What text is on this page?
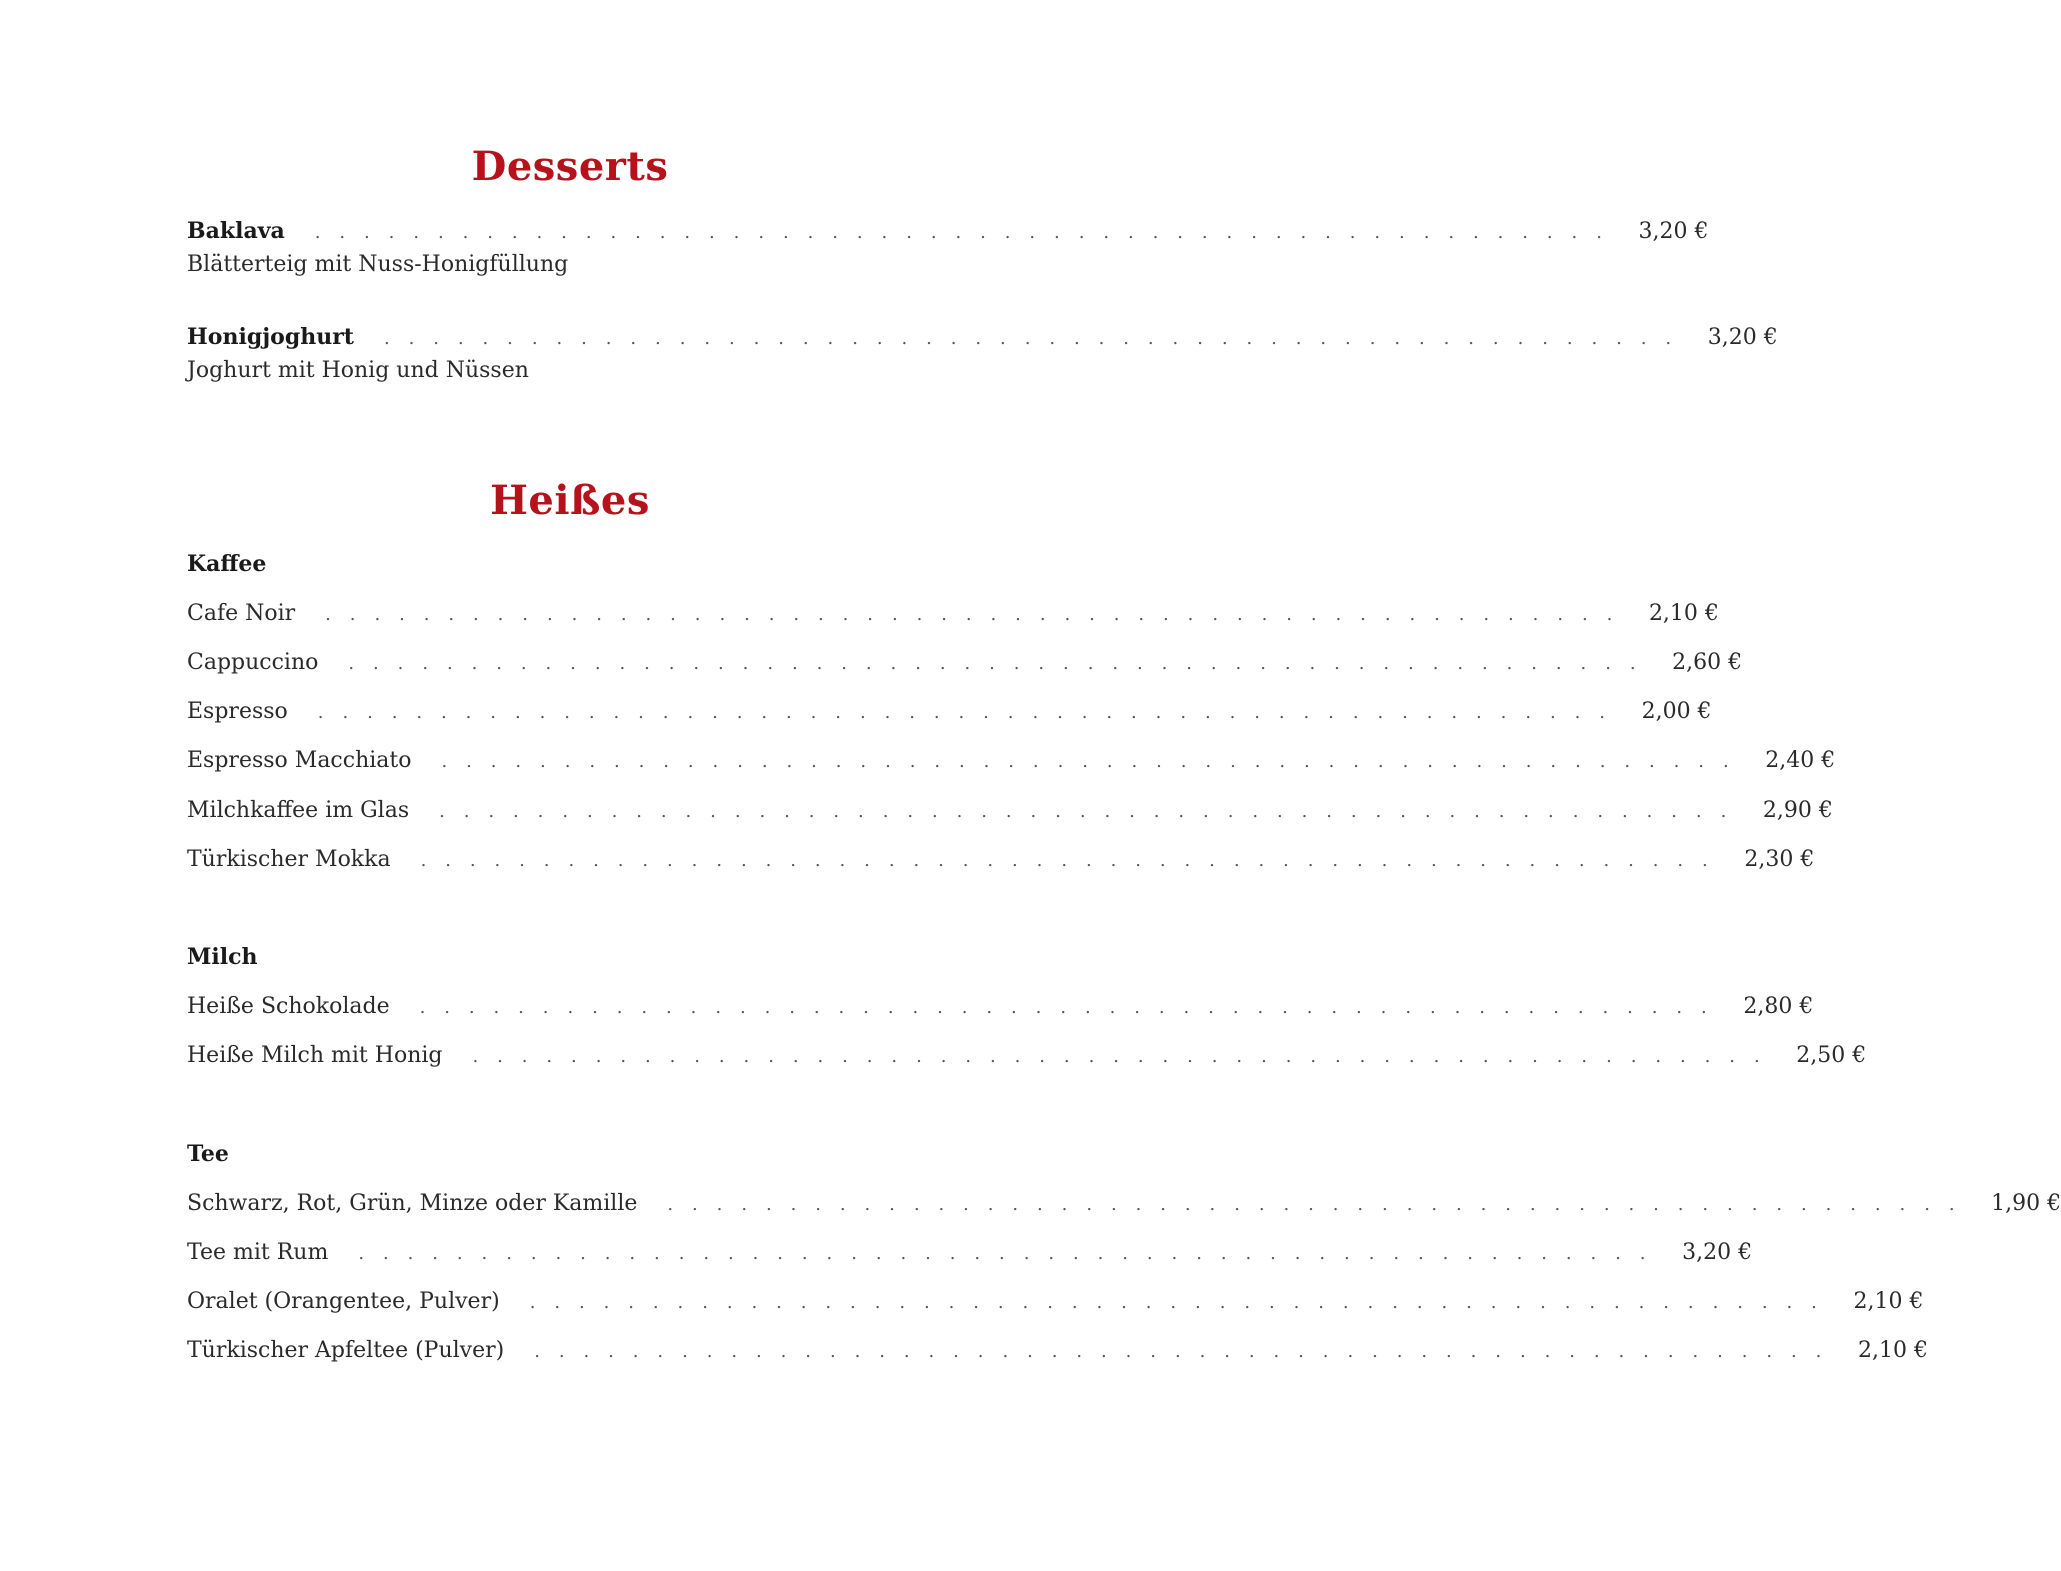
Desserts
Baklava . . . . . . . . . . . . . . . . . . . . . . . . . . . . . . . . . . . . . . . . . . . . . . . . . . . . . 3,20 €
Blätterteig mit Nuss-Honigfüllung
Honigjoghurt . . . . . . . . . . . . . . . . . . . . . . . . . . . . . . . . . . . . . . . . . . . . . . . . . . . . . 3,20 €
Joghurt mit Honig und Nüssen
Heißes
Kaffee
Cafe Noir . . . . . . . . . . . . . . . . . . . . . . . . . . . . . . . . . . . . . . . . . . . . . . . . . . . . . 2,10 €
Cappuccino . . . . . . . . . . . . . . . . . . . . . . . . . . . . . . . . . . . . . . . . . . . . . . . . . . . . . 2,60 €
Espresso . . . . . . . . . . . . . . . . . . . . . . . . . . . . . . . . . . . . . . . . . . . . . . . . . . . . . 2,00 €
Espresso Macchiato . . . . . . . . . . . . . . . . . . . . . . . . . . . . . . . . . . . . . . . . . . . . . . . . . . . . . 2,40 €
Milchkaffee im Glas . . . . . . . . . . . . . . . . . . . . . . . . . . . . . . . . . . . . . . . . . . . . . . . . . . . . . 2,90 €
Türkischer Mokka . . . . . . . . . . . . . . . . . . . . . . . . . . . . . . . . . . . . . . . . . . . . . . . . . . . . . 2,30 €
Milch
Heiße Schokolade . . . . . . . . . . . . . . . . . . . . . . . . . . . . . . . . . . . . . . . . . . . . . . . . . . . . . 2,80 €
Heiße Milch mit Honig . . . . . . . . . . . . . . . . . . . . . . . . . . . . . . . . . . . . . . . . . . . . . . . . . . . . . 2,50 €
Tee
Schwarz, Rot, Grün, Minze oder Kamille . . . . . . . . . . . . . . . . . . . . . . . . . . . . . . . . . . . . . . . . . . . . . . . . . . . . . 1,90 €
Tee mit Rum . . . . . . . . . . . . . . . . . . . . . . . . . . . . . . . . . . . . . . . . . . . . . . . . . . . . . 3,20 €
Oralet (Orangentee, Pulver) . . . . . . . . . . . . . . . . . . . . . . . . . . . . . . . . . . . . . . . . . . . . . . . . . . . . . 2,10 €
Türkischer Apfeltee (Pulver) . . . . . . . . . . . . . . . . . . . . . . . . . . . . . . . . . . . . . . . . . . . . . . . . . . . . . 2,10 €
